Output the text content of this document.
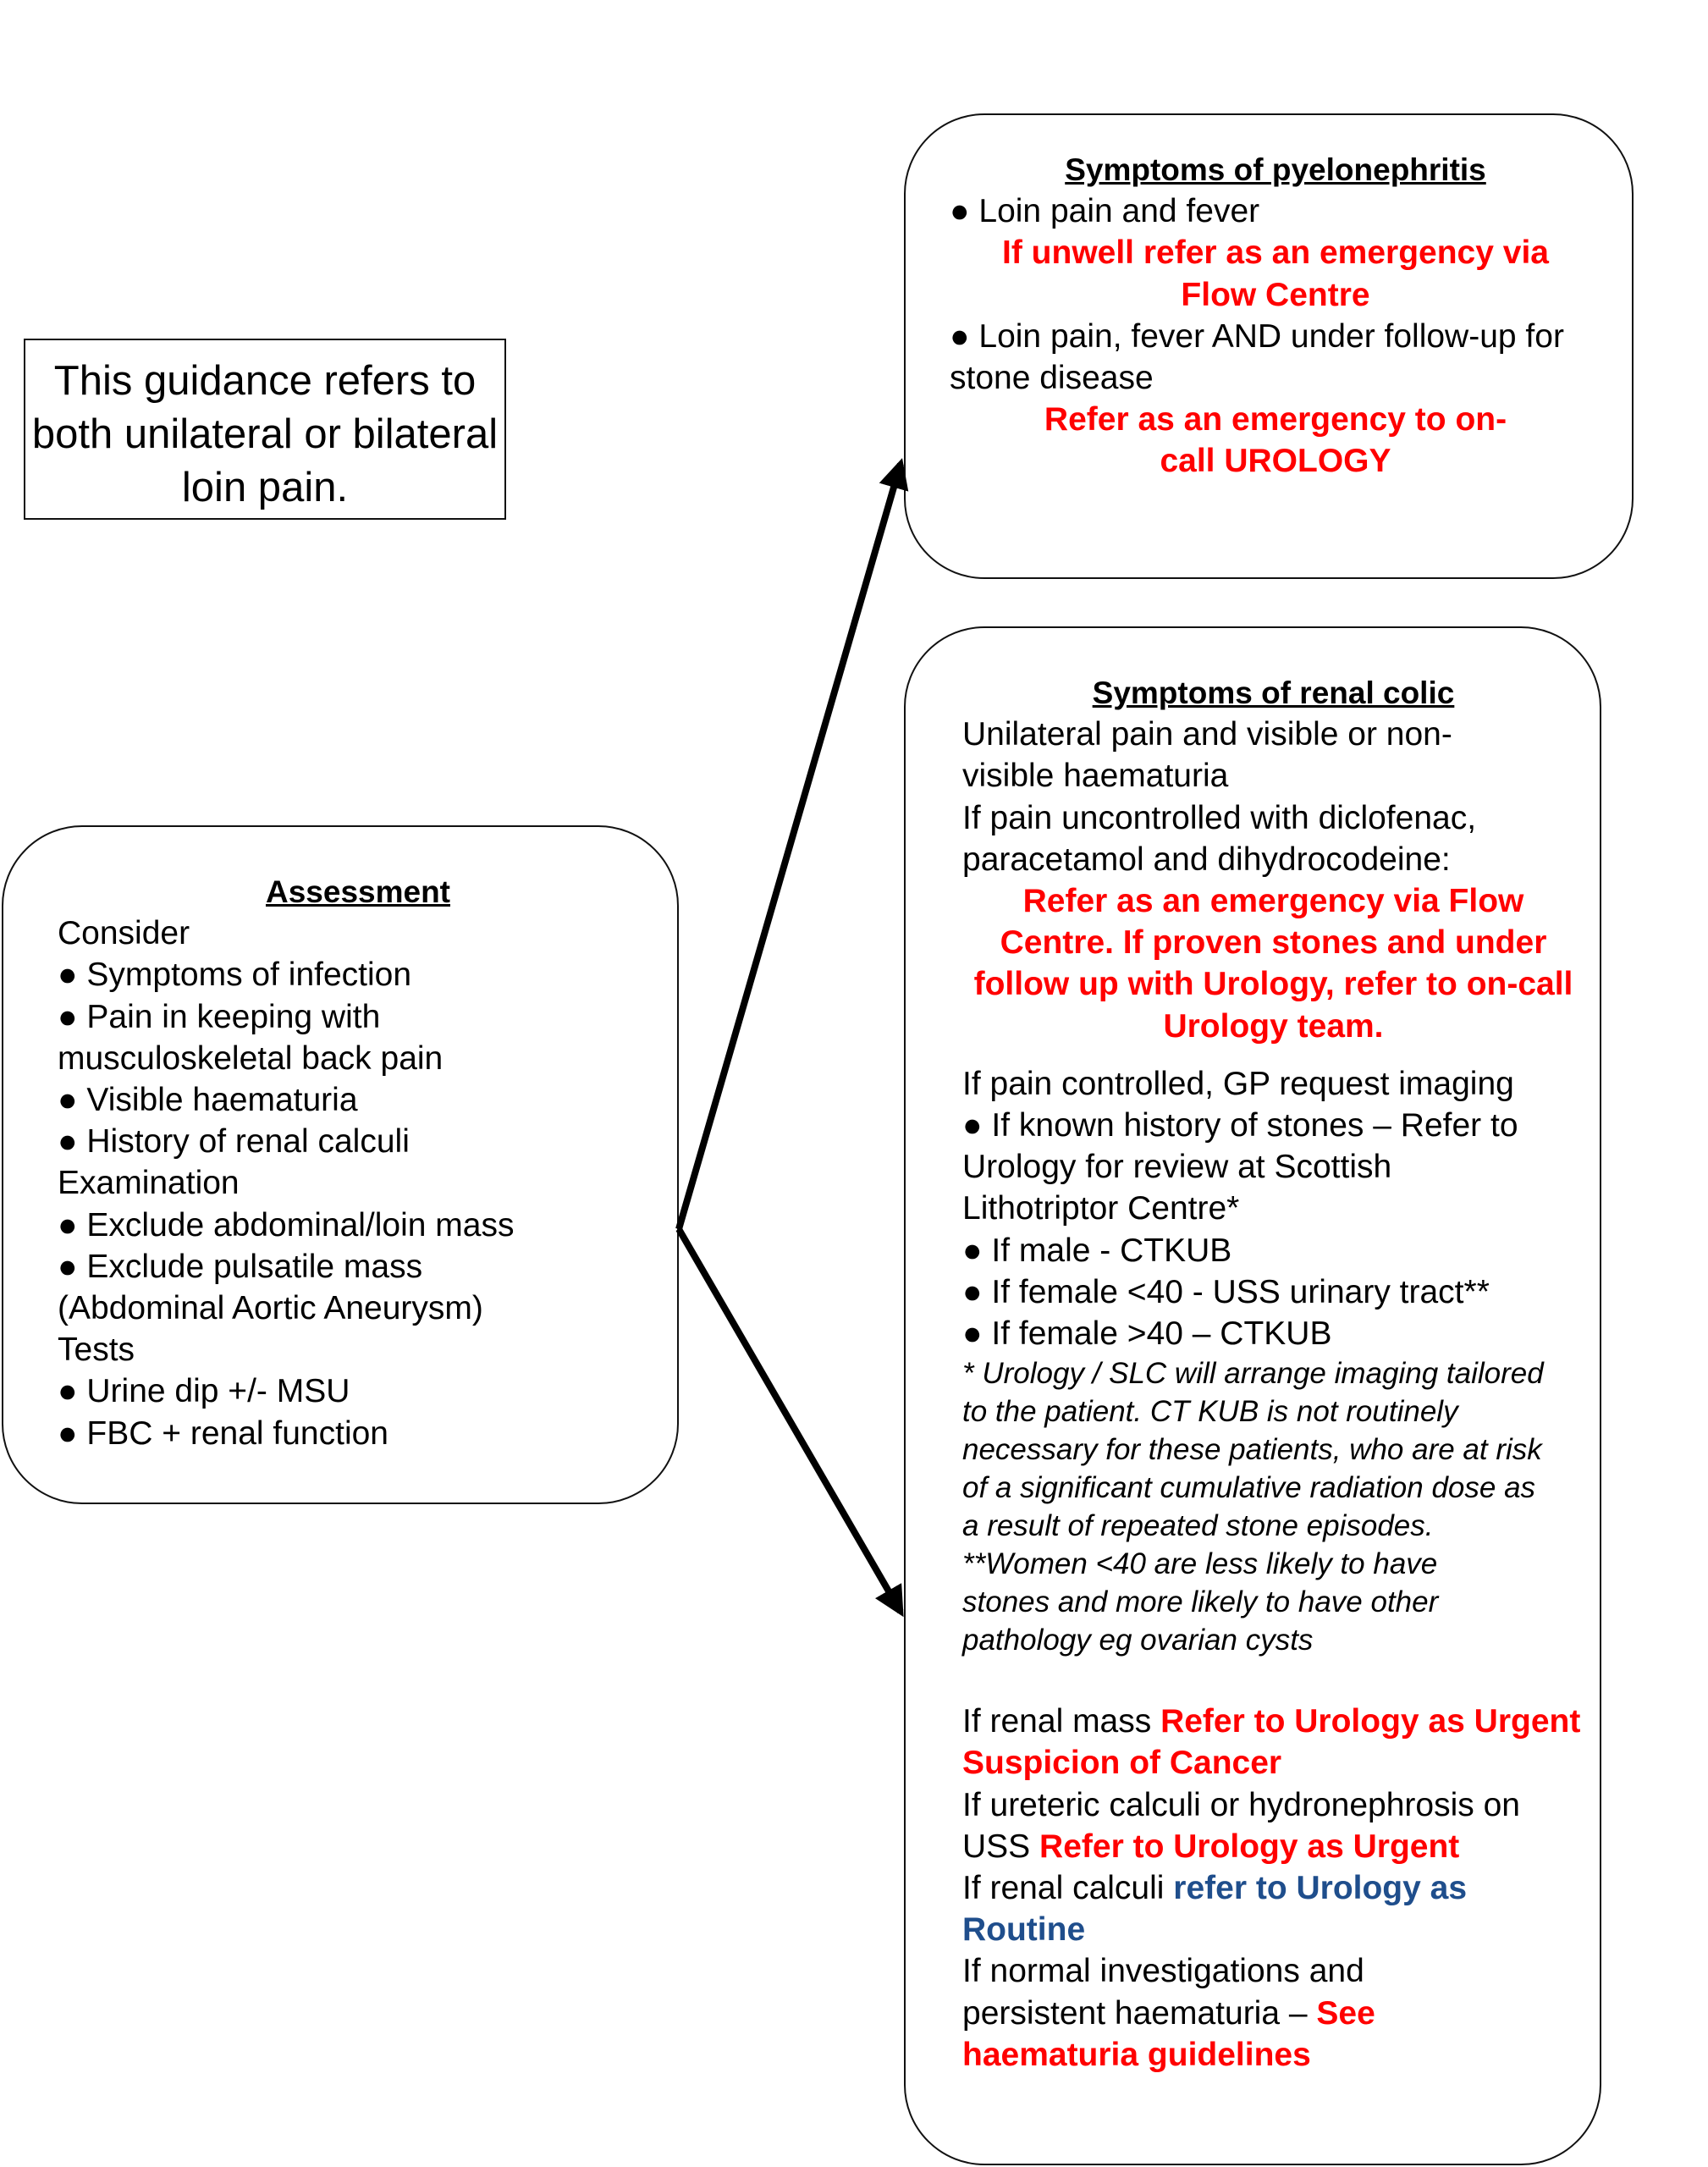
This guidance refers to both unilateral or bilateral loin pain.
Symptoms of pyelonephritis
● Loin pain and fever
If unwell refer as an emergency via Flow Centre
● Loin pain, fever AND under follow-up for stone disease
Refer as an emergency to on-call UROLOGY
Assessment
Consider
● Symptoms of infection
● Pain in keeping with musculoskeletal back pain
● Visible haematuria
● History of renal calculi
Examination
● Exclude abdominal/loin mass
● Exclude pulsatile mass (Abdominal Aortic Aneurysm)
Tests
● Urine dip +/- MSU
● FBC + renal function
Symptoms of renal colic
Unilateral pain and visible or non-visible haematuria
If pain uncontrolled with diclofenac, paracetamol and dihydrocodeine:
Refer as an emergency via Flow Centre. If proven stones and under follow up with Urology, refer to on-call Urology team.
If pain controlled, GP request imaging
● If known history of stones – Refer to Urology for review at Scottish Lithotriptor Centre*
● If male - CTKUB
● If female <40 - USS urinary tract**
● If female >40 – CTKUB
* Urology / SLC will arrange imaging tailored to the patient. CT KUB is not routinely necessary for these patients, who are at risk of a significant cumulative radiation dose as a result of repeated stone episodes.
**Women <40 are less likely to have stones and more likely to have other pathology eg ovarian cysts
If renal mass Refer to Urology as Urgent Suspicion of Cancer
If ureteric calculi or hydronephrosis on USS Refer to Urology as Urgent
If renal calculi refer to Urology as Routine
If normal investigations and persistent haematuria – See haematuria guidelines
